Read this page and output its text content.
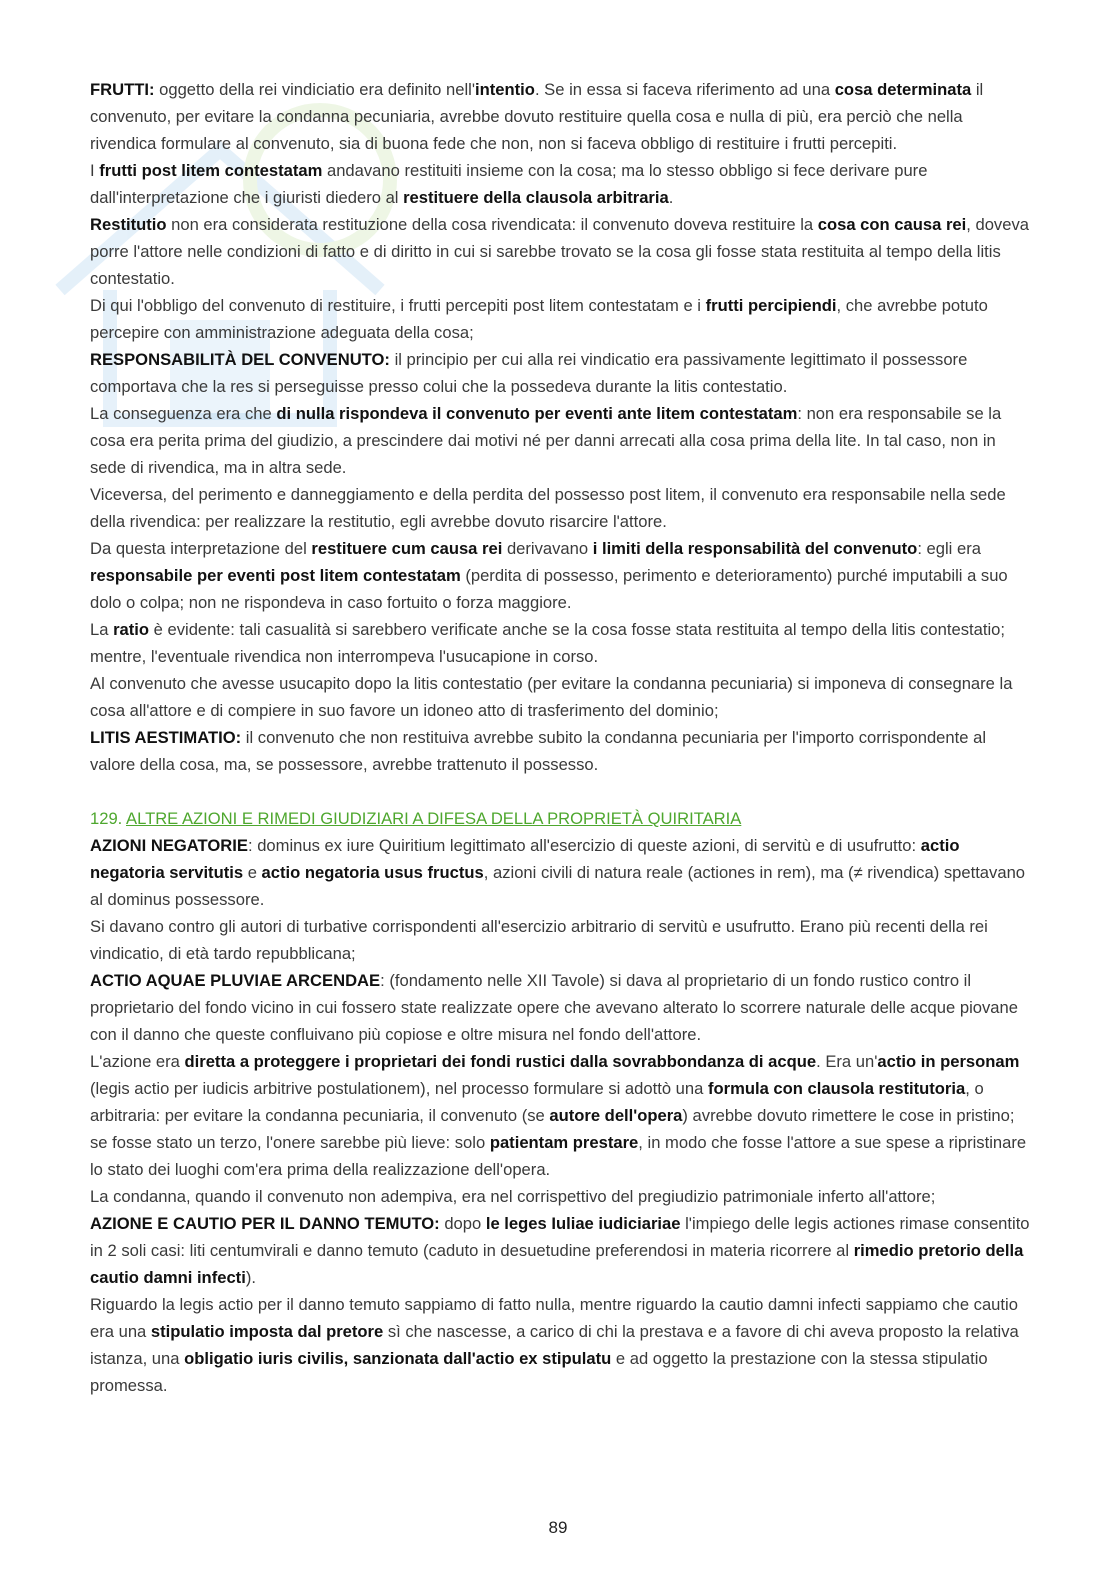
FRUTTI: oggetto della rei vindiciatio era definito nell'intentio. Se in essa si faceva riferimento ad una cosa determinata il convenuto, per evitare la condanna pecuniaria, avrebbe dovuto restituire quella cosa e nulla di più, era perciò che nella rivendica formulare al convenuto, sia di buona fede che non, non si faceva obbligo di restituire i frutti percepiti.

I frutti post litem contestatam andavano restituiti insieme con la cosa; ma lo stesso obbligo si fece derivare pure dall'interpretazione che i giuristi diedero al restituere della clausola arbitraria.

Restitutio non era considerata restituzione della cosa rivendicata: il convenuto doveva restituire la cosa con causa rei, doveva porre l'attore nelle condizioni di fatto e di diritto in cui si sarebbe trovato se la cosa gli fosse stata restituita al tempo della litis contestatio.

Di qui l'obbligo del convenuto di restituire, i frutti percepiti post litem contestatam e i frutti percipiendi, che avrebbe potuto percepire con amministrazione adeguata della cosa;

RESPONSABILITÀ DEL CONVENUTO: il principio per cui alla rei vindicatio era passivamente legittimato il possessore comportava che la res si perseguisse presso colui che la possedeva durante la litis contestatio.

La conseguenza era che di nulla rispondeva il convenuto per eventi ante litem contestatam: non era responsabile se la cosa era perita prima del giudizio, a prescindere dai motivi né per danni arrecati alla cosa prima della lite. In tal caso, non in sede di rivendica, ma in altra sede.

Viceversa, del perimento e danneggiamento e della perdita del possesso post litem, il convenuto era responsabile nella sede della rivendica: per realizzare la restitutio, egli avrebbe dovuto risarcire l'attore.

Da questa interpretazione del restituere cum causa rei derivavano i limiti della responsabilità del convenuto: egli era responsabile per eventi post litem contestatam (perdita di possesso, perimento e deterioramento) purché imputabili a suo dolo o colpa; non ne rispondeva in caso fortuito o forza maggiore.

La ratio è evidente: tali casualità si sarebbero verificate anche se la cosa fosse stata restituita al tempo della litis contestatio; mentre, l'eventuale rivendica non interrompeva l'usucapione in corso.

Al convenuto che avesse usucapito dopo la litis contestatio (per evitare la condanna pecuniaria) si imponeva di consegnare la cosa all'attore e di compiere in suo favore un idoneo atto di trasferimento del dominio;

LITIS AESTIMATIO: il convenuto che non restituiva avrebbe subito la condanna pecuniaria per l'importo corrispondente al valore della cosa, ma, se possessore, avrebbe trattenuto il possesso.

129. ALTRE AZIONI E RIMEDI GIUDIZIARI A DIFESA DELLA PROPRIETÀ QUIRITARIA

AZIONI NEGATORIE: dominus ex iure Quiritium legittimato all'esercizio di queste azioni, di servitù e di usufrutto: actio negatoria servitutis e actio negatoria usus fructus, azioni civili di natura reale (actiones in rem), ma (≠ rivendica) spettavano al dominus possessore.

Si davano contro gli autori di turbative corrispondenti all'esercizio arbitrario di servitù e usufrutto. Erano più recenti della rei vindicatio, di età tardo repubblicana;

ACTIO AQUAE PLUVIAE ARCENDAE: (fondamento nelle XII Tavole) si dava al proprietario di un fondo rustico contro il proprietario del fondo vicino in cui fossero state realizzate opere che avevano alterato lo scorrere naturale delle acque piovane con il danno che queste confluivano più copiose e oltre misura nel fondo dell'attore.

L'azione era diretta a proteggere i proprietari dei fondi rustici dalla sovrabbondanza di acque. Era un'actio in personam (legis actio per iudicis arbitrive postulationem), nel processo formulare si adottò una formula con clausola restitutoria, o arbitraria: per evitare la condanna pecuniaria, il convenuto (se autore dell'opera) avrebbe dovuto rimettere le cose in pristino; se fosse stato un terzo, l'onere sarebbe più lieve: solo patientam prestare, in modo che fosse l'attore a sue spese a ripristinare lo stato dei luoghi com'era prima della realizzazione dell'opera.

La condanna, quando il convenuto non adempiva, era nel corrispettivo del pregiudizio patrimoniale inferto all'attore;

AZIONE E CAUTIO PER IL DANNO TEMUTO: dopo le leges Iuliae iudiciariae l'impiego delle legis actiones rimase consentito in 2 soli casi: liti centumvirali e danno temuto (caduto in desuetudine preferendosi in materia ricorrere al rimedio pretorio della cautio damni infecti).

Riguardo la legis actio per il danno temuto sappiamo di fatto nulla, mentre riguardo la cautio damni infecti sappiamo che cautio era una stipulatio imposta dal pretore sì che nascesse, a carico di chi la prestava e a favore di chi aveva proposto la relativa istanza, una obligatio iuris civilis, sanzionata dall'actio ex stipulatu e ad oggetto la prestazione con la stessa stipulatio promessa.

89
